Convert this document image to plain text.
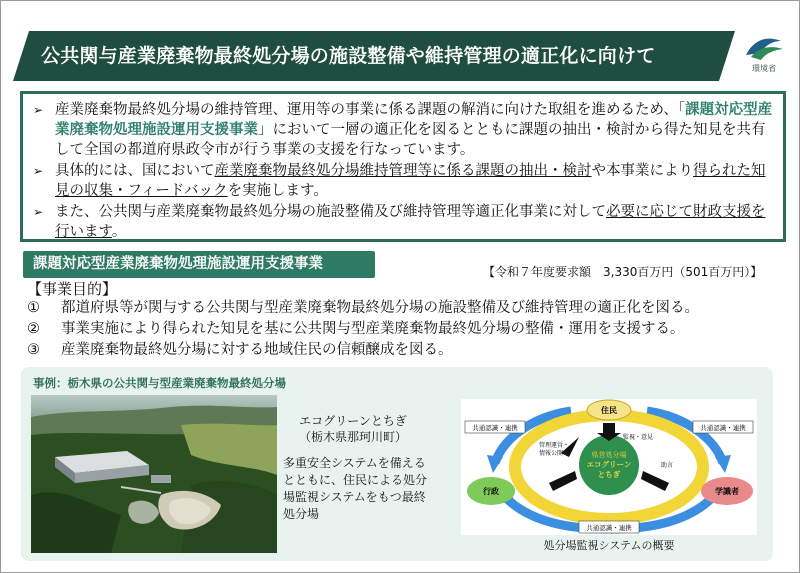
公共関与産業廃棄物最終処分場の施設整備や維持管理の適正化に向けて
環境省
➢ 産業廃棄物最終処分場の維持管理、運用等の事業に係る課題の解消に向けた取組を進めるため、「課題対応型産業廃棄物処理施設運用支援事業」において一層の適正化を図るとともに課題の抽出・検討から得た知見を共有して全国の都道府県政令市が行う事業の支援を行なっています。
➢ 具体的には、国において産業廃棄物最終処分場維持管理等に係る課題の抽出・検討や本事業により得られた知見の収集・フィードバックを実施します。
➢ また、公共関与産業廃棄物最終処分場の施設整備及び維持管理等適正化事業に対して必要に応じて財政支援を行います。
課題対応型産業廃棄物処理施設運用支援事業	【令和７年度要求額　3,330百万円（501百万円）】
【事業目的】
①	都道府県等が関与する公共関与型産業廃棄物最終処分場の施設整備及び維持管理の適正化を図る。
②	事業実施により得られた知見を基に公共関与型産業廃棄物最終処分場の整備・運用を支援する。
③	産業廃棄物最終処分場に対する地域住民の信頼醸成を図る。
事例：栃木県の公共関与型産業廃棄物最終処分場
エコグリーンとちぎ
（栃木県那珂川町）
多重安全システムを備えるとともに、住民による処分場監視システムをもつ最終処分場
県営処分場
エコグリーン
とちぎ
住民
行政	学識者
共通認識・連携	共通認識・連携
共通認識・連携
管理運営・
情報公開
監視・意見
助言
処分場監視システムの概要
